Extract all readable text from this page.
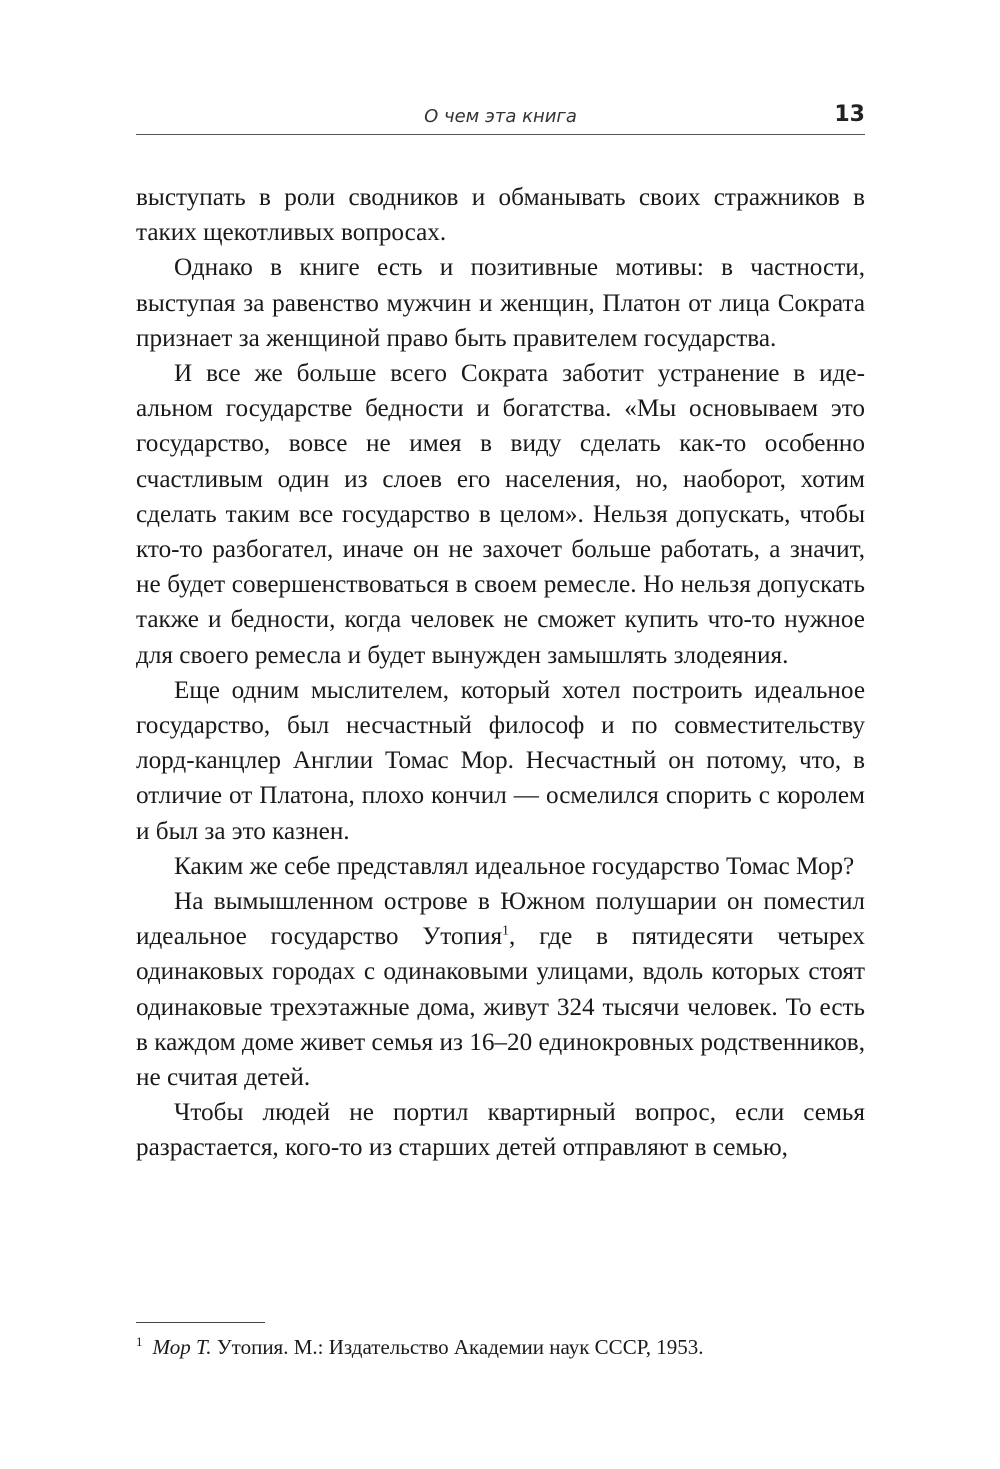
О чем эта книга	13

выступать в роли сводников и обманывать своих стражников в таких щекотливых вопросах.

Однако в книге есть и позитивные мотивы: в частности, выступая за равенство мужчин и женщин, Платон от лица Сократа признает за женщиной право быть правителем государства.

И все же больше всего Сократа заботит устранение в идеальном государстве бедности и богатства. «Мы основываем это государство, вовсе не имея в виду сделать как-то особенно счастливым один из слоев его населения, но, наоборот, хотим сделать таким все государство в целом». Нельзя допускать, чтобы кто-то разбогател, иначе он не захочет больше работать, а значит, не будет совершенствоваться в своем ремесле. Но нельзя допускать также и бедности, когда человек не сможет купить что-то нужное для своего ремесла и будет вынужден замышлять злодеяния.

Еще одним мыслителем, который хотел построить идеальное государство, был несчастный философ и по совместительству лорд-канцлер Англии Томас Мор. Несчастный он потому, что, в отличие от Платона, плохо кончил — осмелился спорить с королем и был за это казнен.

Каким же себе представлял идеальное государство Томас Мор?

На вымышленном острове в Южном полушарии он поместил идеальное государство Утопия$^1$, где в пятидесяти четырех одинаковых городах с одинаковыми улицами, вдоль которых стоят одинаковые трехэтажные дома, живут 324 тысячи человек. То есть в каждом доме живет семья из 16–20 единокровных родственников, не считая детей.

Чтобы людей не портил квартирный вопрос, если семья разрастается, кого-то из старших детей отправляют в семью,

$^1$ Мор Т. Утопия. М.: Издательство Академии наук СССР, 1953.
